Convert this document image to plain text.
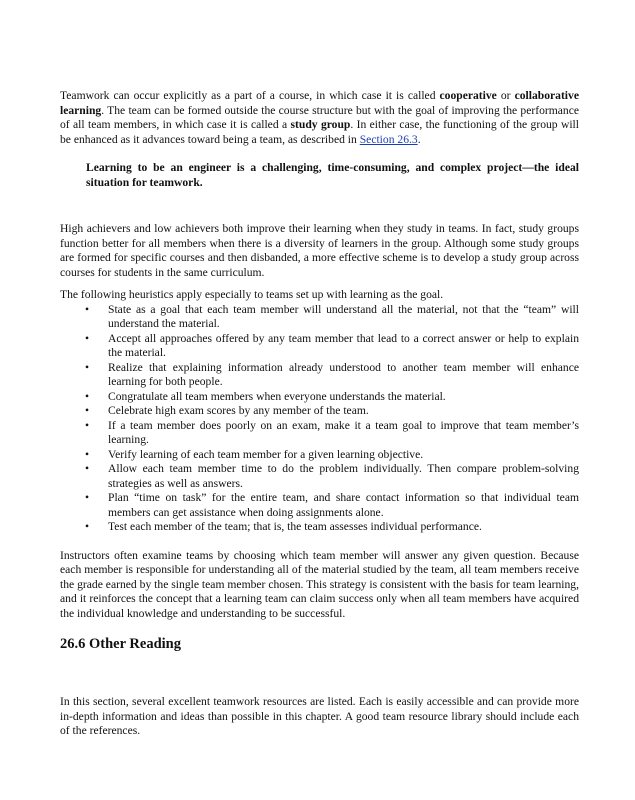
Teamwork can occur explicitly as a part of a course, in which case it is called cooperative or collaborative learning. The team can be formed outside the course structure but with the goal of improving the performance of all team members, in which case it is called a study group. In either case, the functioning of the group will be enhanced as it advances toward being a team, as described in Section 26.3.

Learning to be an engineer is a challenging, time-consuming, and complex project—the ideal situation for teamwork.

High achievers and low achievers both improve their learning when they study in teams. In fact, study groups function better for all members when there is a diversity of learners in the group. Although some study groups are formed for specific courses and then disbanded, a more effective scheme is to develop a study group across courses for students in the same curriculum.

The following heuristics apply especially to teams set up with learning as the goal.

•	State as a goal that each team member will understand all the material, not that the “team” will understand the material.
•	Accept all approaches offered by any team member that lead to a correct answer or help to explain the material.
•	Realize that explaining information already understood to another team member will enhance learning for both people.
•	Congratulate all team members when everyone understands the material.
•	Celebrate high exam scores by any member of the team.
•	If a team member does poorly on an exam, make it a team goal to improve that team member’s learning.
•	Verify learning of each team member for a given learning objective.
•	Allow each team member time to do the problem individually. Then compare problem-solving strategies as well as answers.
•	Plan “time on task” for the entire team, and share contact information so that individual team members can get assistance when doing assignments alone.
•	Test each member of the team; that is, the team assesses individual performance.

Instructors often examine teams by choosing which team member will answer any given question. Because each member is responsible for understanding all of the material studied by the team, all team members receive the grade earned by the single team member chosen. This strategy is consistent with the basis for team learning, and it reinforces the concept that a learning team can claim success only when all team members have acquired the individual knowledge and understanding to be successful.

26.6 Other Reading

In this section, several excellent teamwork resources are listed. Each is easily accessible and can provide more in-depth information and ideas than possible in this chapter. A good team resource library should include each of the references.
